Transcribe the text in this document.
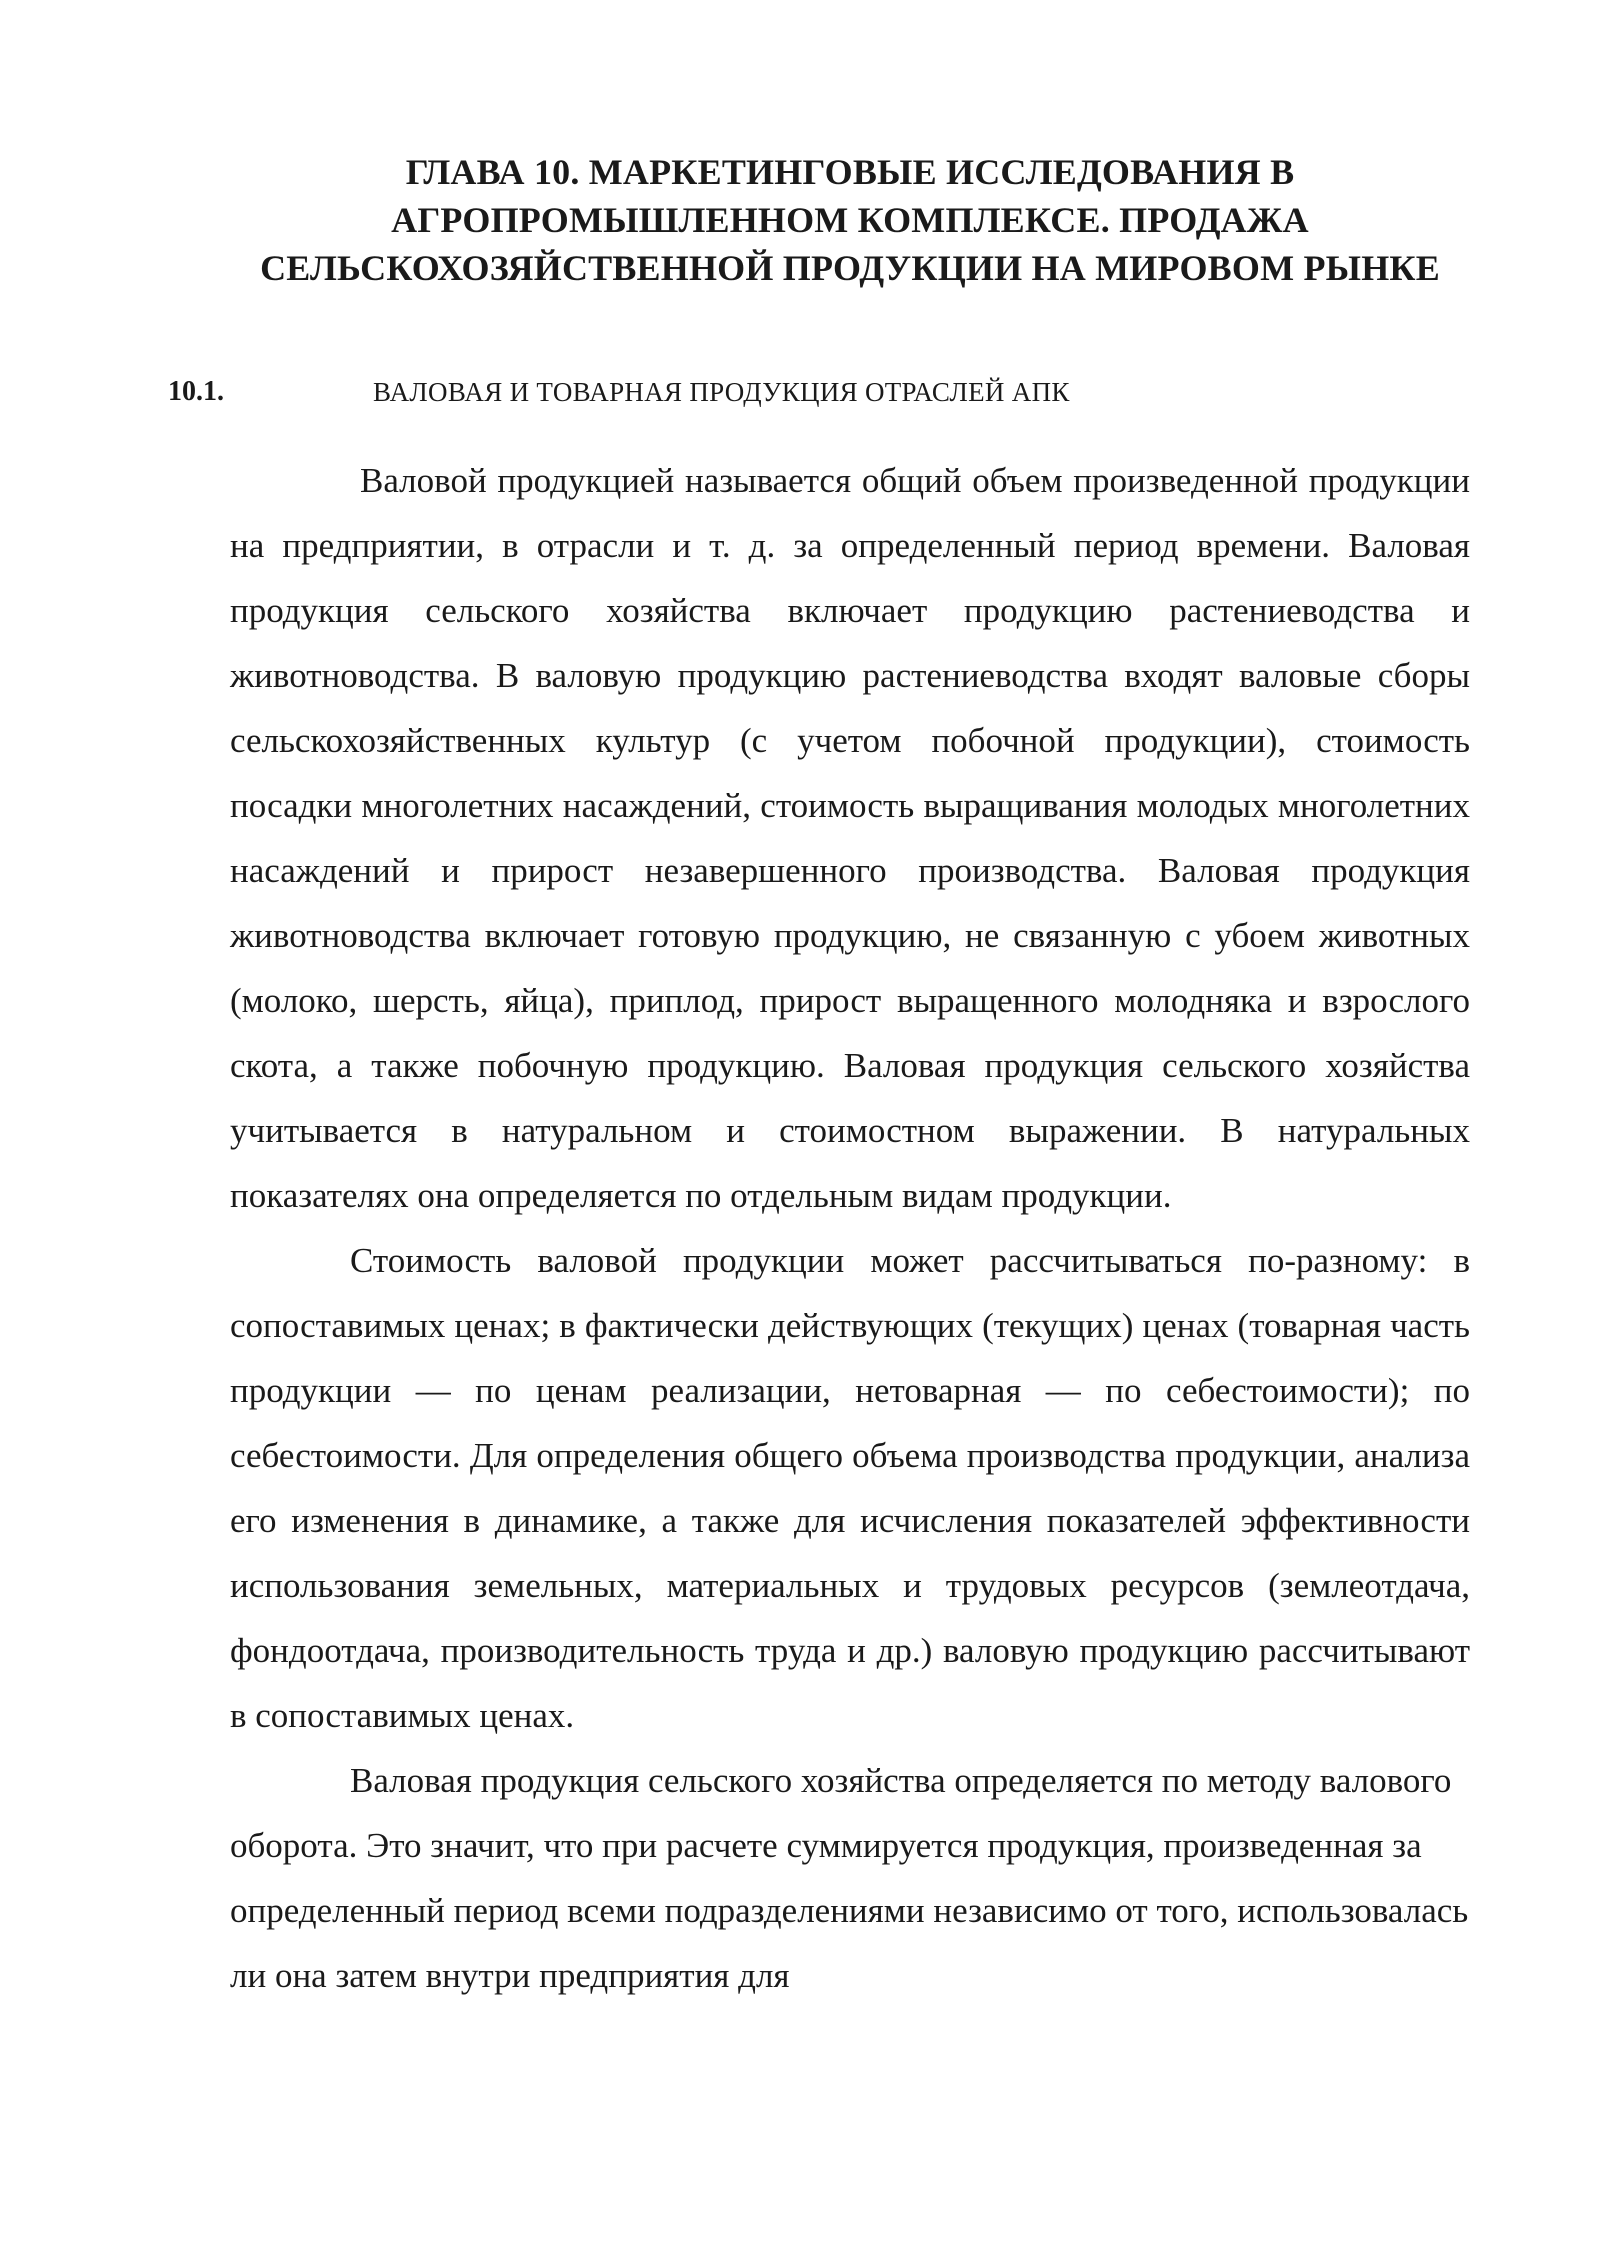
ГЛАВА 10. МАРКЕТИНГОВЫЕ ИССЛЕДОВАНИЯ В
АГРОПРОМЫШЛЕННОМ КОМПЛЕКСЕ. ПРОДАЖА
СЕЛЬСКОХОЗЯЙСТВЕННОЙ ПРОДУКЦИИ НА МИРОВОМ РЫНКЕ
10.1.	ВАЛОВАЯ И ТОВАРНАЯ ПРОДУКЦИЯ ОТРАСЛЕЙ АПК

Валовой продукцией называется общий объем произведенной продукции на предприятии, в отрасли и т. д. за определенный период времени. Валовая продукция сельского хозяйства включает продукцию растениеводства и животноводства. В валовую продукцию растениеводства входят валовые сборы сельскохозяйственных культур (с учетом побочной продукции), стоимость посадки многолетних насаждений, стоимость выращивания молодых многолетних насаждений и прирост незавершенного производства. Валовая продукция животноводства включает готовую продукцию, не связанную с убоем животных (молоко, шерсть, яйца), приплод, прирост выращенного молодняка и взрослого скота, а также побочную продукцию. Валовая продукция сельского хозяйства учитывается в натуральном и стоимостном выражении. В натуральных показателях она определяется по отдельным видам продукции.

Стоимость валовой продукции может рассчитываться по-разному: в сопоставимых ценах; в фактически действующих (текущих) ценах (товарная часть продукции — по ценам реализации, нетоварная — по себестоимости); по себестоимости. Для определения общего объема производства продукции, анализа его изменения в динамике, а также для исчисления показателей эффективности использования земельных, материальных и трудовых ресурсов (землеотдача, фондоотдача, производительность труда и др.) валовую продукцию рассчитывают в сопоставимых ценах.

Валовая продукция сельского хозяйства определяется по методу валового оборота. Это значит, что при расчете суммируется продукция, произведенная за определенный период всеми подразделениями независимо от того, использовалась ли она затем внутри предприятия для
